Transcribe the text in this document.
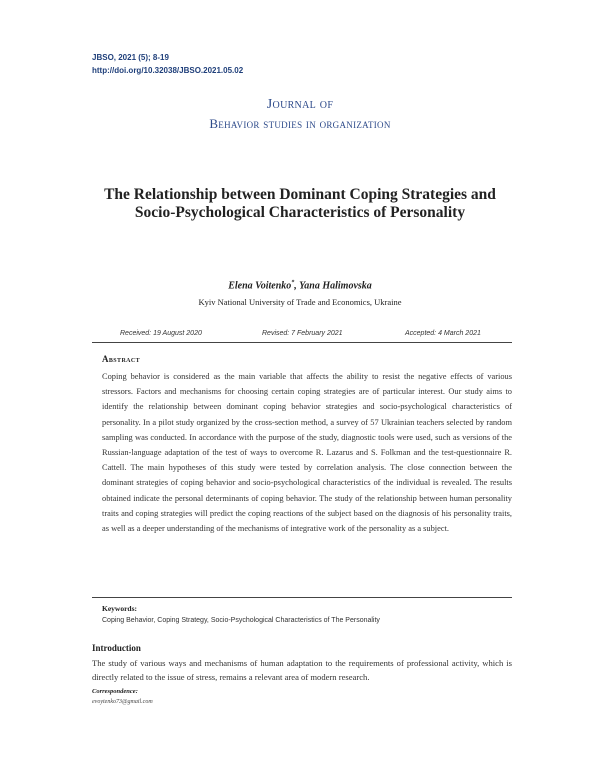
JBSO, 2021 (5); 8-19
http://doi.org/10.32038/JBSO.2021.05.02
Journal of
Behavior studies in organization
The Relationship between Dominant Coping Strategies and Socio-Psychological Characteristics of Personality
Elena Voitenko*, Yana Halimovska
Kyiv National University of Trade and Economics, Ukraine
Received: 19 August 2020	Revised: 7 February 2021	Accepted: 4 March 2021
Abstract
Coping behavior is considered as the main variable that affects the ability to resist the negative effects of various stressors. Factors and mechanisms for choosing certain coping strategies are of particular interest. Our study aims to identify the relationship between dominant coping behavior strategies and socio-psychological characteristics of personality. In a pilot study organized by the cross-section method, a survey of 57 Ukrainian teachers selected by random sampling was conducted. In accordance with the purpose of the study, diagnostic tools were used, such as versions of the Russian-language adaptation of the test of ways to overcome R. Lazarus and S. Folkman and the test-questionnaire R. Cattell. The main hypotheses of this study were tested by correlation analysis. The close connection between the dominant strategies of coping behavior and socio-psychological characteristics of the individual is revealed. The results obtained indicate the personal determinants of coping behavior. The study of the relationship between human personality traits and coping strategies will predict the coping reactions of the subject based on the diagnosis of his personality traits, as well as a deeper understanding of the mechanisms of integrative work of the personality as a subject.
Keywords:
Coping Behavior, Coping Strategy, Socio-Psychological Characteristics of The Personality
Introduction
The study of various ways and mechanisms of human adaptation to the requirements of professional activity, which is directly related to the issue of stress, remains a relevant area of modern research.
Correspondence:
evoytenko73@gmail.com
